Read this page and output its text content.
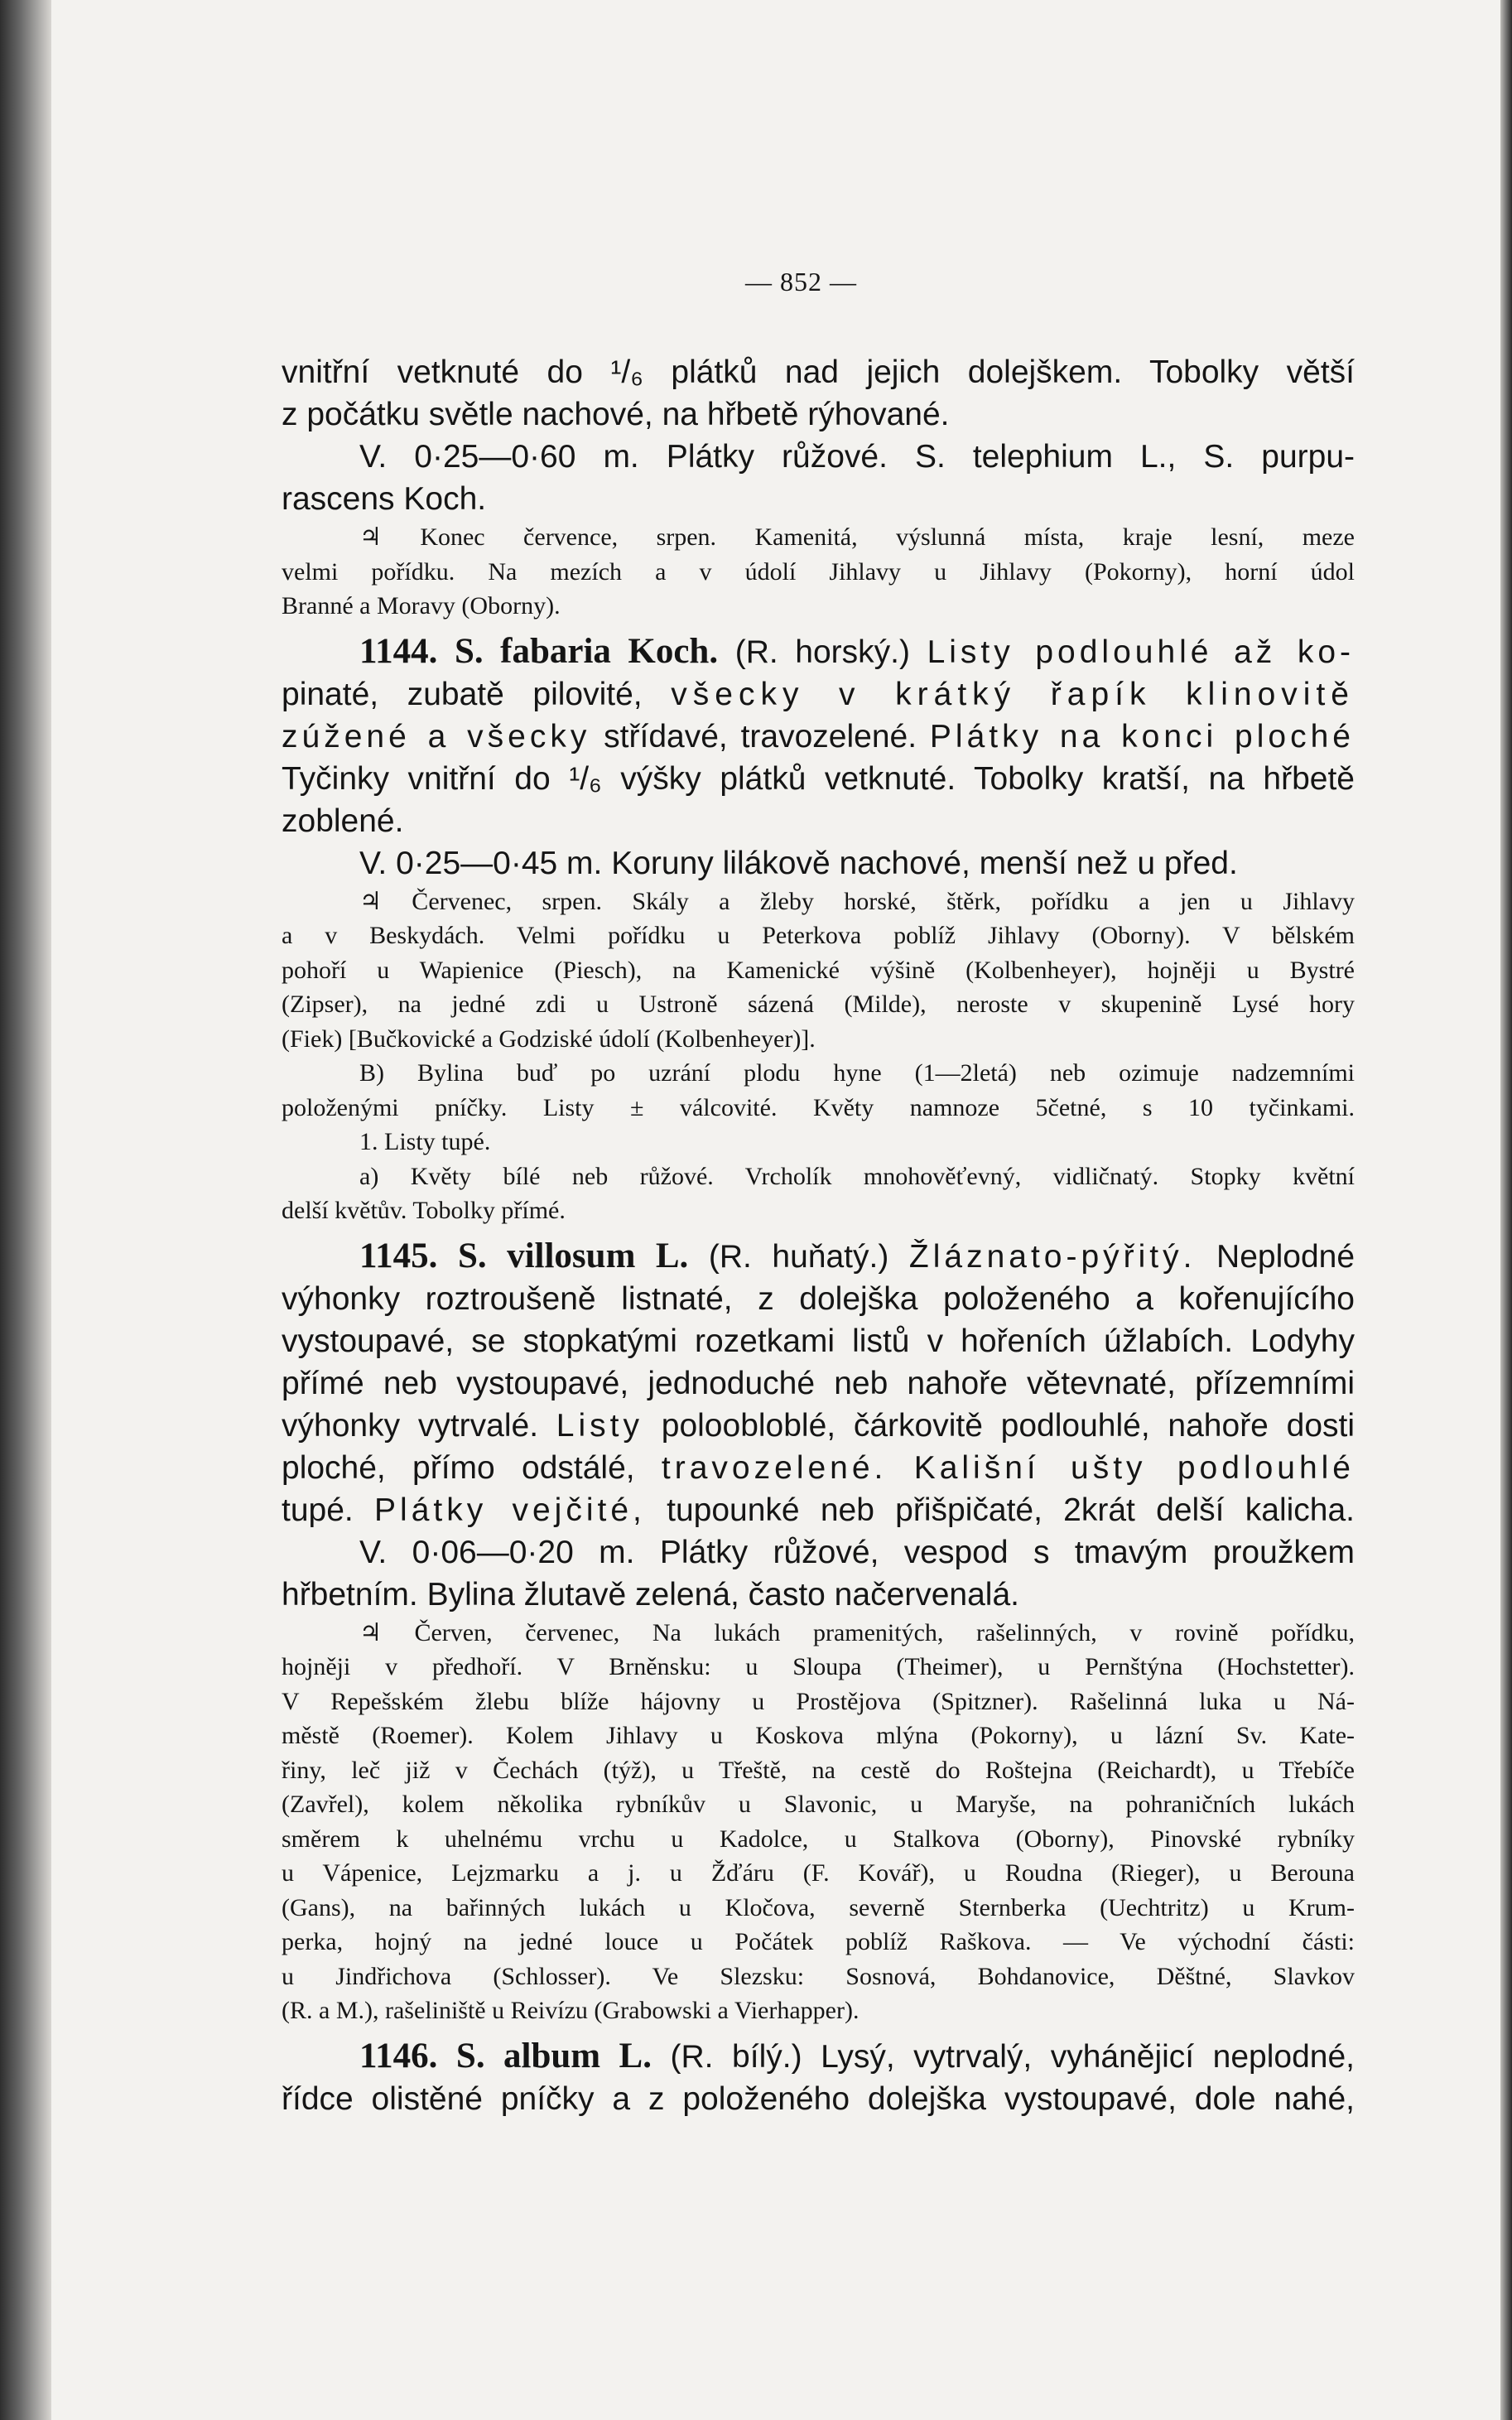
— 852 —

vnitřní vetknuté do ¹/₆ plátků nad jejich dolejškem. Tobolky větší

z počátku světle nachové, na hřbetě rýhované.

V. 0·25—0·60 m. Plátky růžové. S. telephium L., S. purpu-

rascens Koch.

♃ Konec července, srpen. Kamenitá, výslunná místa, kraje lesní, meze

velmi pořídku. Na mezích a v údolí Jihlavy u Jihlavy (Pokorny), horní údol

Branné a Moravy (Oborny).

1144. S. fabaria Koch. (R. horský.) Listy podlouhlé až ko-

pinaté, zubatě pilovité, všecky v krátký řapík klinovitě

zúžené a všecky střídavé, travozelené. Plátky na konci ploché

Tyčinky vnitřní do ¹/₆ výšky plátků vetknuté. Tobolky kratší, na hřbetě

zoblené.

V. 0·25—0·45 m. Koruny lilákově nachové, menší než u před.

♃ Červenec, srpen. Skály a žleby horské, štěrk, pořídku a jen u Jihlavy

a v Beskydách. Velmi pořídku u Peterkova poblíž Jihlavy (Oborny). V bělském

pohoří u Wapienice (Piesch), na Kamenické výšině (Kolbenheyer), hojněji u Bystré

(Zipser), na jedné zdi u Ustroně sázená (Milde), neroste v skupenině Lysé hory

(Fiek) [Bučkovické a Godziské údolí (Kolbenheyer)].

B) Bylina buď po uzrání plodu hyne (1—2letá) neb ozimuje nadzemními

položenými pníčky. Listy ± válcovité. Květy namnoze 5četné, s 10 tyčinkami.

1. Listy tupé.

a) Květy bílé neb růžové. Vrcholík mnohověťevný, vidličnatý. Stopky květní

delší květův. Tobolky přímé.

1145. S. villosum L. (R. huňatý.) Žláznato-pýřitý. Neplodné

výhonky roztroušeně listnaté, z dolejška položeného a kořenujícího

vystoupavé, se stopkatými rozetkami listů v hořeních úžlabích. Lodyhy

přímé neb vystoupavé, jednoduché neb nahoře větevnaté, přízemními

výhonky vytrvalé. Listy poloobloblé, čárkovitě podlouhlé, nahoře dosti

ploché, přímo odstálé, travozelené. Kališní ušty podlouhlé

tupé. Plátky vejčité, tupounké neb přišpičaté, 2krát delší kalicha.

V. 0·06—0·20 m. Plátky růžové, vespod s tmavým proužkem

hřbetním. Bylina žlutavě zelená, často načervenalá.

♃ Červen, červenec, Na lukách pramenitých, rašelinných, v rovině pořídku,

hojněji v předhoří. V Brněnsku: u Sloupa (Theimer), u Pernštýna (Hochstetter).

V Repešském žlebu blíže hájovny u Prostějova (Spitzner). Rašelinná luka u Ná-

městě (Roemer). Kolem Jihlavy u Koskova mlýna (Pokorny), u lázní Sv. Kate-

řiny, leč již v Čechách (týž), u Třeště, na cestě do Roštejna (Reichardt), u Třebíče

(Zavřel), kolem několika rybníkův u Slavonic, u Maryše, na pohraničních lukách

směrem k uhelnému vrchu u Kadolce, u Stalkova (Oborny), Pinovské rybníky

u Vápenice, Lejzmarku a j. u Žďáru (F. Kovář), u Roudna (Rieger), u Berouna

(Gans), na bařinných lukách u Kločova, severně Sternberka (Uechtritz) u Krum-

perka, hojný na jedné louce u Počátek poblíž Raškova. — Ve východní části:

u Jindřichova (Schlosser). Ve Slezsku: Sosnová, Bohdanovice, Děštné, Slavkov

(R. a M.), rašeliniště u Reivízu (Grabowski a Vierhapper).

1146. S. album L. (R. bílý.) Lysý, vytrvalý, vyhánějicí neplodné,

řídce olistěné pníčky a z položeného dolejška vystoupavé, dole nahé,
